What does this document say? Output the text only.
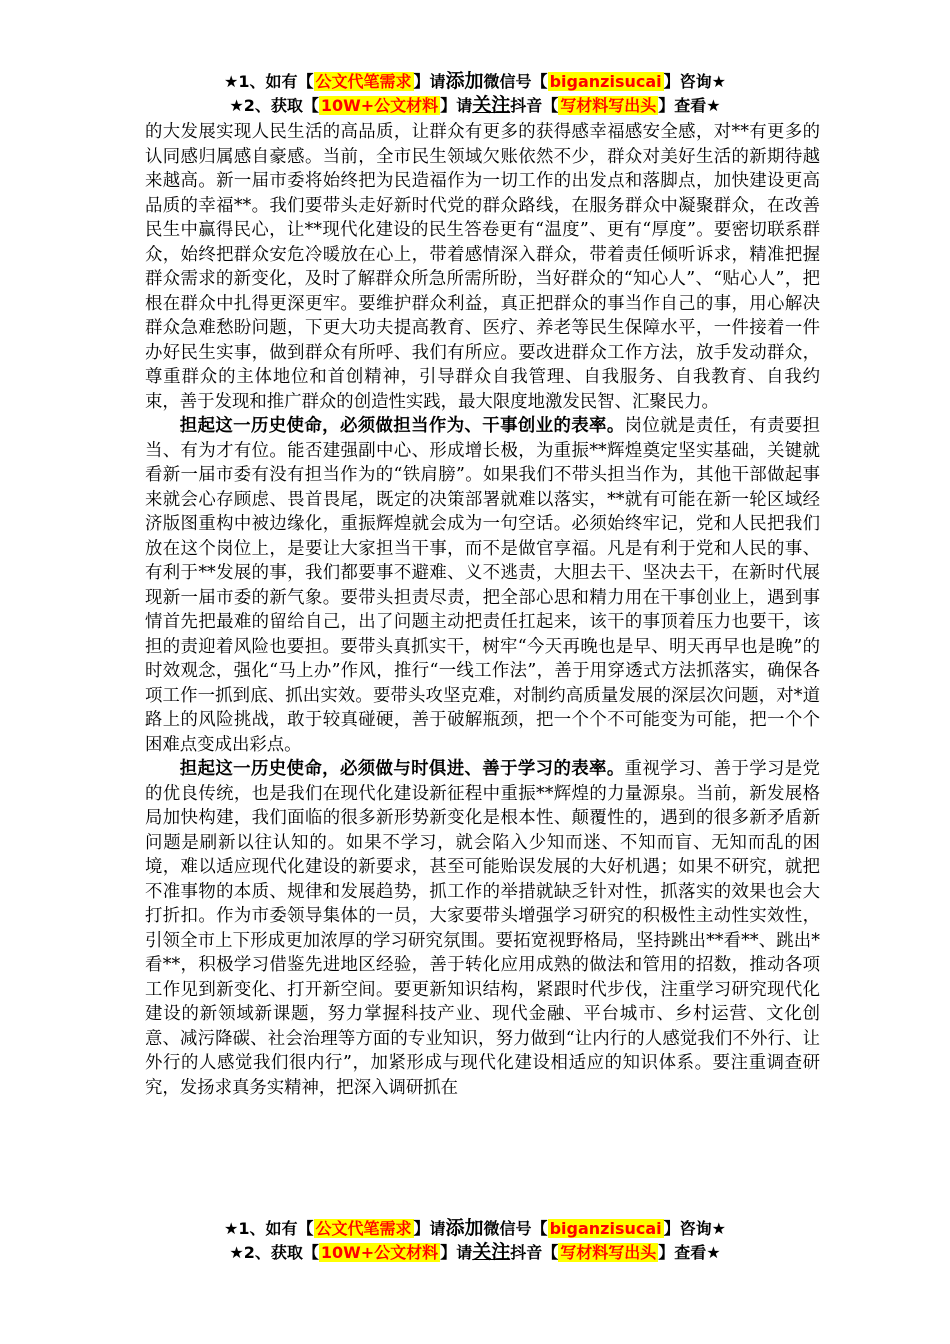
★1、如有【 公文代笔需求 】请添加微信号【 biganzisucai 】咨询★
★2、获取【 10W+公文材料 】请关注抖音【 写材料写出头 】查看★

的大发展实现人民生活的高品质，让群众有更多的获得感幸福感安全感，对**有更多的认同感归属感自豪感。当前，全市民生领域欠账依然不少，群众对美好生活的新期待越来越高。新一届市委将始终把为民造福作为一切工作的出发点和落脚点，加快建设更高品质的幸福**。我们要带头走好新时代党的群众路线，在服务群众中凝聚群众，在改善民生中赢得民心，让**现代化建设的民生答卷更有“温度”、更有“厚度”。要密切联系群众，始终把群众安危冷暖放在心上，带着感情深入群众，带着责任倾听诉求，精准把握群众需求的新变化，及时了解群众所急所需所盼，当好群众的“知心人”、“贴心人”，把根在群众中扎得更深更牢。要维护群众利益，真正把群众的事当作自己的事，用心解决群众急难愁盼问题，下更大功夫提高教育、医疗、养老等民生保障水平，一件接着一件办好民生实事，做到群众有所呼、我们有所应。要改进群众工作方法，放手发动群众，尊重群众的主体地位和首创精神，引导群众自我管理、自我服务、自我教育、自我约束，善于发现和推广群众的创造性实践，最大限度地激发民智、汇聚民力。

担起这一历史使命，必须做担当作为、干事创业的表率。岗位就是责任，有责要担当、有为才有位。能否建强副中心、形成增长极，为重振**辉煌奠定坚实基础，关键就看新一届市委有没有担当作为的“铁肩膀”。如果我们不带头担当作为，其他干部做起事来就会心存顾虑、畏首畏尾，既定的决策部署就难以落实，**就有可能在新一轮区域经济版图重构中被边缘化，重振辉煌就会成为一句空话。必须始终牢记，党和人民把我们放在这个岗位上，是要让大家担当干事，而不是做官享福。凡是有利于党和人民的事、有利于**发展的事，我们都要事不避难、义不逃责，大胆去干、坚决去干，在新时代展现新一届市委的新气象。要带头担责尽责，把全部心思和精力用在干事创业上，遇到事情首先把最难的留给自己，出了问题主动把责任扛起来，该干的事顶着压力也要干，该担的责迎着风险也要担。要带头真抓实干，树牢“今天再晚也是早、明天再早也是晚”的时效观念，强化“马上办”作风，推行“一线工作法”，善于用穿透式方法抓落实，确保各项工作一抓到底、抓出实效。要带头攻坚克难，对制约高质量发展的深层次问题，对*道路上的风险挑战，敢于较真碰硬，善于破解瓶颈，把一个个不可能变为可能，把一个个困难点变成出彩点。

担起这一历史使命，必须做与时俱进、善于学习的表率。重视学习、善于学习是党的优良传统，也是我们在现代化建设新征程中重振**辉煌的力量源泉。当前，新发展格局加快构建，我们面临的很多新形势新变化是根本性、颠覆性的，遇到的很多新矛盾新问题是刷新以往认知的。如果不学习，就会陷入少知而迷、不知而盲、无知而乱的困境，难以适应现代化建设的新要求，甚至可能贻误发展的大好机遇；如果不研究，就把不准事物的本质、规律和发展趋势，抓工作的举措就缺乏针对性，抓落实的效果也会大打折扣。作为市委领导集体的一员，大家要带头增强学习研究的积极性主动性实效性，引领全市上下形成更加浓厚的学习研究氛围。要拓宽视野格局，坚持跳出**看**、跳出*看**，积极学习借鉴先进地区经验，善于转化应用成熟的做法和管用的招数，推动各项工作见到新变化、打开新空间。要更新知识结构，紧跟时代步伐，注重学习研究现代化建设的新领域新课题，努力掌握科技产业、现代金融、平台城市、乡村运营、文化创意、减污降碳、社会治理等方面的专业知识，努力做到“让内行的人感觉我们不外行、让外行的人感觉我们很内行”，加紧形成与现代化建设相适应的知识体系。要注重调查研究，发扬求真务实精神，把深入调研抓在

★1、如有【 公文代笔需求 】请添加微信号【 biganzisucai 】咨询★
★2、获取【 10W+公文材料 】请关注抖音【 写材料写出头 】查看★
